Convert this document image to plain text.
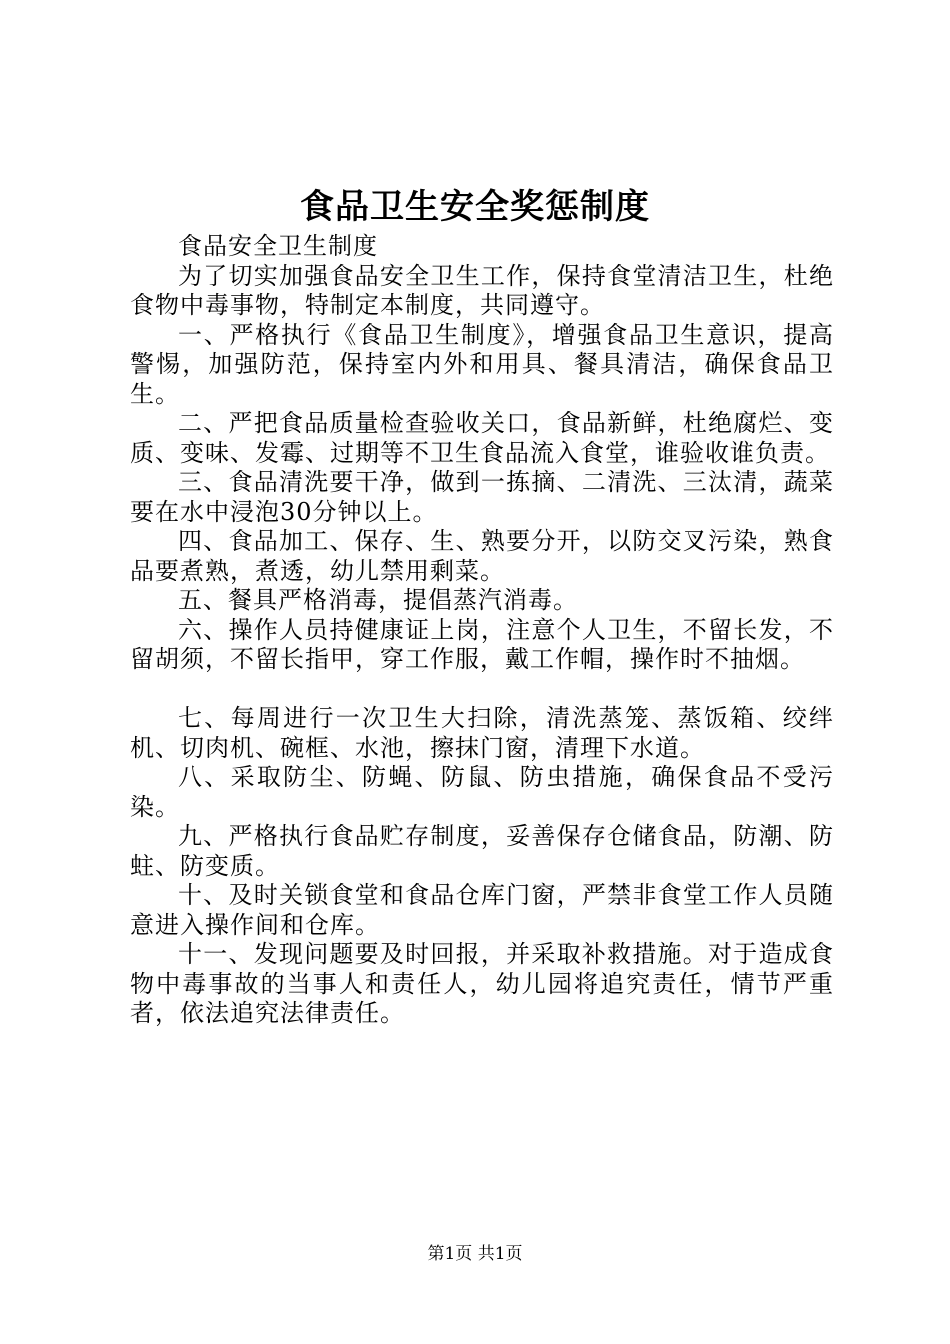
食品卫生安全奖惩制度

食品安全卫生制度

为了切实加强食品安全卫生工作，保持食堂清洁卫生，杜绝食物中毒事物，特制定本制度，共同遵守。

一、严格执行《食品卫生制度》，增强食品卫生意识，提高警惕，加强防范，保持室内外和用具、餐具清洁，确保食品卫生。

二、严把食品质量检查验收关口，食品新鲜，杜绝腐烂、变质、变味、发霉、过期等不卫生食品流入食堂，谁验收谁负责。

三、食品清洗要干净，做到一拣摘、二清洗、三汰清，蔬菜要在水中浸泡30分钟以上。

四、食品加工、保存、生、熟要分开，以防交叉污染，熟食品要煮熟，煮透，幼儿禁用剩菜。

五、餐具严格消毒，提倡蒸汽消毒。

六、操作人员持健康证上岗，注意个人卫生，不留长发，不留胡须，不留长指甲，穿工作服，戴工作帽，操作时不抽烟。

七、每周进行一次卫生大扫除，清洗蒸笼、蒸饭箱、绞绊机、切肉机、碗框、水池，擦抹门窗，清理下水道。

八、采取防尘、防蝇、防鼠、防虫措施，确保食品不受污染。

九、严格执行食品贮存制度，妥善保存仓储食品，防潮、防蛀、防变质。

十、及时关锁食堂和食品仓库门窗，严禁非食堂工作人员随意进入操作间和仓库。

十一、发现问题要及时回报，并采取补救措施。对于造成食物中毒事故的当事人和责任人，幼儿园将追究责任，情节严重者，依法追究法律责任。

第1页 共1页
